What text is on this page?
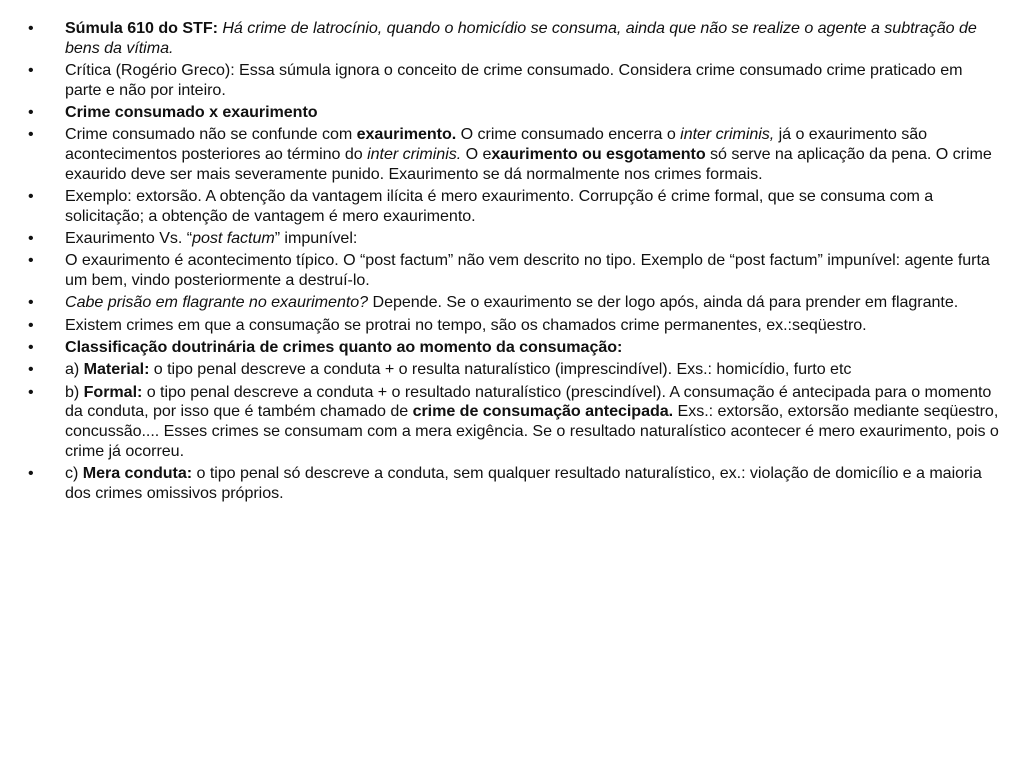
•	Súmula 610 do STF: Há crime de latrocínio, quando o homicídio se consuma, ainda que não se realize o agente a subtração de bens da vítima.
•	Crítica (Rogério Greco): Essa súmula ignora o conceito de crime consumado. Considera crime consumado crime praticado em parte e não por inteiro.
•	Crime consumado x exaurimento
•	Crime consumado não se confunde com exaurimento. O crime consumado encerra o inter criminis, já o exaurimento são acontecimentos posteriores ao término do inter criminis. O exaurimento ou esgotamento só serve na aplicação da pena. O crime exaurido deve ser mais severamente punido. Exaurimento se dá normalmente nos crimes formais.
•	Exemplo: extorsão. A obtenção da vantagem ilícita é mero exaurimento. Corrupção é crime formal, que se consuma com a solicitação; a obtenção de vantagem é mero exaurimento.
•	Exaurimento Vs. “post factum” impunível:
•	O exaurimento é acontecimento típico. O “post factum” não vem descrito no tipo. Exemplo de “post factum” impunível: agente furta um bem, vindo posteriormente a destruí-lo.
•	Cabe prisão em flagrante no exaurimento? Depende. Se o exaurimento se der logo após, ainda dá para prender em flagrante.
•	Existem crimes em que a consumação se protrai no tempo, são os chamados crime permanentes, ex.:seqüestro.
•	Classificação doutrinária de crimes quanto ao momento da consumação:
•	a) Material: o tipo penal descreve a conduta + o resulta naturalístico (imprescindível). Exs.: homicídio, furto etc
•	b) Formal: o tipo penal descreve a conduta + o resultado naturalístico (prescindível). A consumação é antecipada para o momento da conduta, por isso que é também chamado de crime de consumação antecipada. Exs.: extorsão, extorsão mediante seqüestro, concussão.... Esses crimes se consumam com a mera exigência. Se o resultado naturalístico acontecer é mero exaurimento, pois o crime já ocorreu.
•	c) Mera conduta: o tipo penal só descreve a conduta, sem qualquer resultado naturalístico, ex.: violação de domicílio e a maioria dos crimes omissivos próprios.
